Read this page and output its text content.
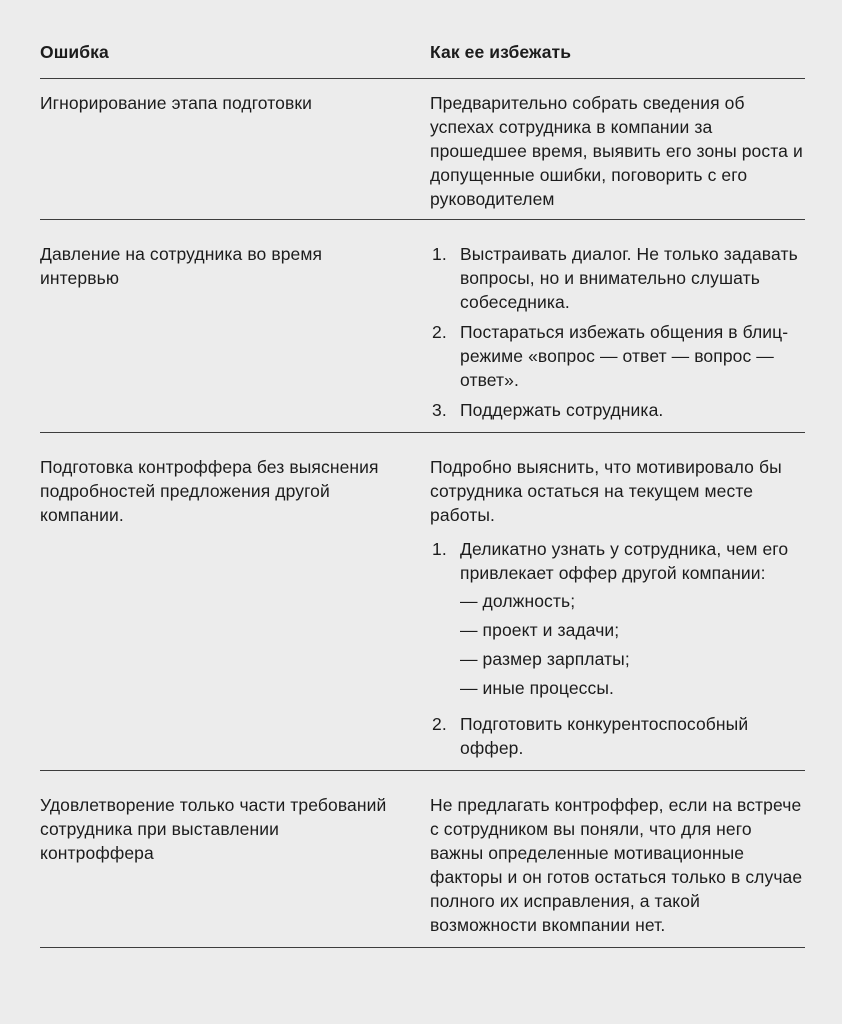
Ошибка	Как ее избежать

Игнорирование этапа подготовки	Предварительно собрать сведения об успехах сотрудника в компании за прошедшее время, выявить его зоны роста и допущенные ошибки, поговорить с его руководителем

Давление на сотрудника во время интервью

1. Выстраивать диалог. Не только задавать вопросы, но и внимательно слушать собеседника.
2. Постараться избежать общения в блиц-режиме «вопрос — ответ — вопрос — ответ».
3. Поддержать сотрудника.

Подготовка контроффера без выяснения подробностей предложения другой компании.

Подробно выяснить, что мотивировало бы сотрудника остаться на текущем месте работы.

1. Деликатно узнать у сотрудника, чем его привлекает оффер другой компании:
— должность;
— проект и задачи;
— размер зарплаты;
— иные процессы.
2. Подготовить конкурентоспособный оффер.

Удовлетворение только части требований сотрудника при выставлении контроффера

Не предлагать контроффер, если на встрече с сотрудником вы поняли, что для него важны определенные мотивационные факторы и он готов остаться только в случае полного их исправления, а такой возможности вкомпании нет.
